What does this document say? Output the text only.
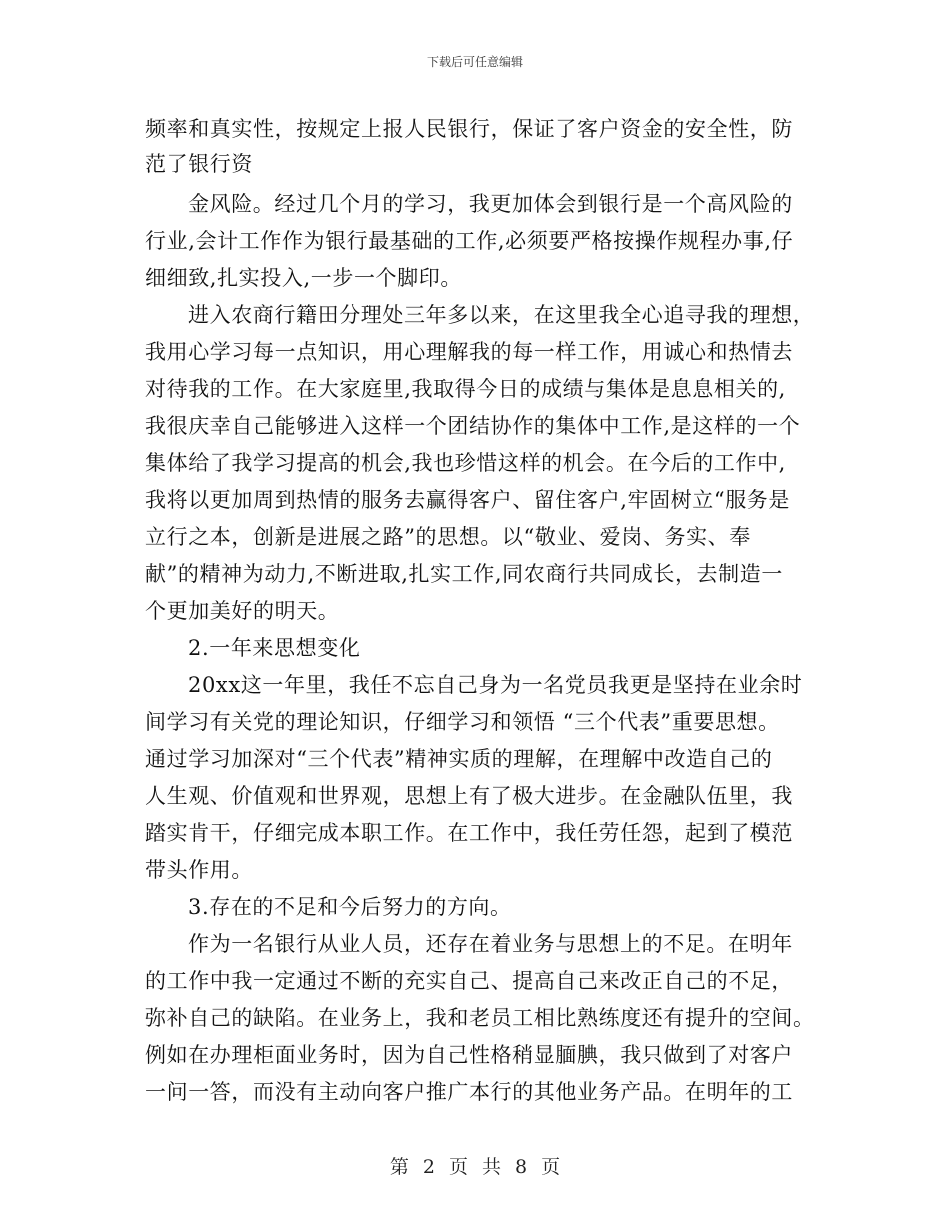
下载后可任意编辑
频率和真实性，按规定上报人民银行，保证了客户资金的安全性，防
范了银行资
金风险。经过几个月的学习，我更加体会到银行是一个高风险的
行业,会计工作作为银行最基础的工作,必须要严格按操作规程办事,仔
细细致,扎实投入,一步一个脚印。
进入农商行籍田分理处三年多以来，在这里我全心追寻我的理想，
我用心学习每一点知识，用心理解我的每一样工作，用诚心和热情去
对待我的工作。在大家庭里,我取得今日的成绩与集体是息息相关的,
我很庆幸自己能够进入这样一个团结协作的集体中工作,是这样的一个
集体给了我学习提高的机会,我也珍惜这样的机会。在今后的工作中,
我将以更加周到热情的服务去赢得客户、留住客户,牢固树立“服务是
立行之本，创新是进展之路”的思想。以“敬业、爱岗、务实、奉
献”的精神为动力,不断进取,扎实工作,同农商行共同成长，去制造一
个更加美好的明天。
2.一年来思想变化
20xx这一年里，我任不忘自己身为一名党员我更是坚持在业余时
间学习有关党的理论知识，仔细学习和领悟 “三个代表”重要思想。
通过学习加深对“三个代表”精神实质的理解，在理解中改造自己的
人生观、价值观和世界观，思想上有了极大进步。在金融队伍里，我
踏实肯干，仔细完成本职工作。在工作中，我任劳任怨，起到了模范
带头作用。
3.存在的不足和今后努力的方向。
作为一名银行从业人员，还存在着业务与思想上的不足。在明年
的工作中我一定通过不断的充实自己、提高自己来改正自己的不足，
弥补自己的缺陷。在业务上，我和老员工相比熟练度还有提升的空间。
例如在办理柜面业务时，因为自己性格稍显腼腆，我只做到了对客户
一问一答，而没有主动向客户推广本行的其他业务产品。在明年的工
第 2 页 共 8 页
